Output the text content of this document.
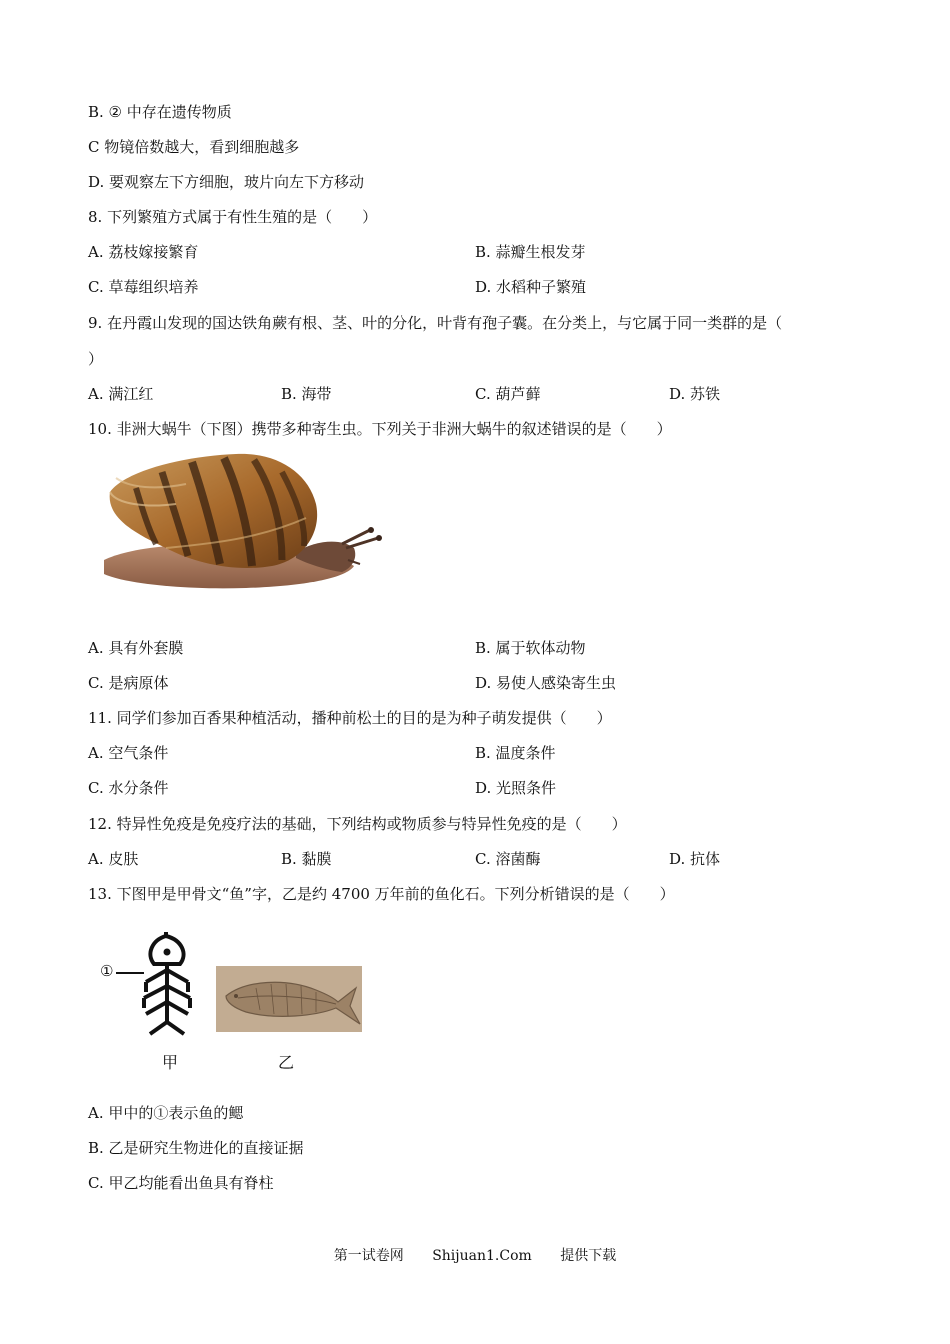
B. ② 中存在遗传物质
C 物镜倍数越大，看到细胞越多
D. 要观察左下方细胞，玻片向左下方移动
8. 下列繁殖方式属于有性生殖的是（　　）
A. 荔枝嫁接繁育	B. 蒜瓣生根发芽
C. 草莓组织培养	D. 水稻种子繁殖
9. 在丹霞山发现的国达铁角蕨有根、茎、叶的分化，叶背有孢子囊。在分类上，与它属于同一类群的是（
）
A. 满江红	B. 海带	C. 葫芦藓	D. 苏铁
10. 非洲大蜗牛（下图）携带多种寄生虫。下列关于非洲大蜗牛的叙述错误的是（　　）
A. 具有外套膜	B. 属于软体动物
C. 是病原体	D. 易使人感染寄生虫
11. 同学们参加百香果种植活动，播种前松土的目的是为种子萌发提供（　　）
A. 空气条件	B. 温度条件
C. 水分条件	D. 光照条件
12. 特异性免疫是免疫疗法的基础，下列结构或物质参与特异性免疫的是（　　）
A. 皮肤	B. 黏膜	C. 溶菌酶	D. 抗体
13. 下图甲是甲骨文“鱼”字，乙是约 4700 万年前的鱼化石。下列分析错误的是（　　）
①
甲	乙
A. 甲中的①表示鱼的鳃
B. 乙是研究生物进化的直接证据
C. 甲乙均能看出鱼具有脊柱
第一试卷网 Shijuan1.Com 提供下载
